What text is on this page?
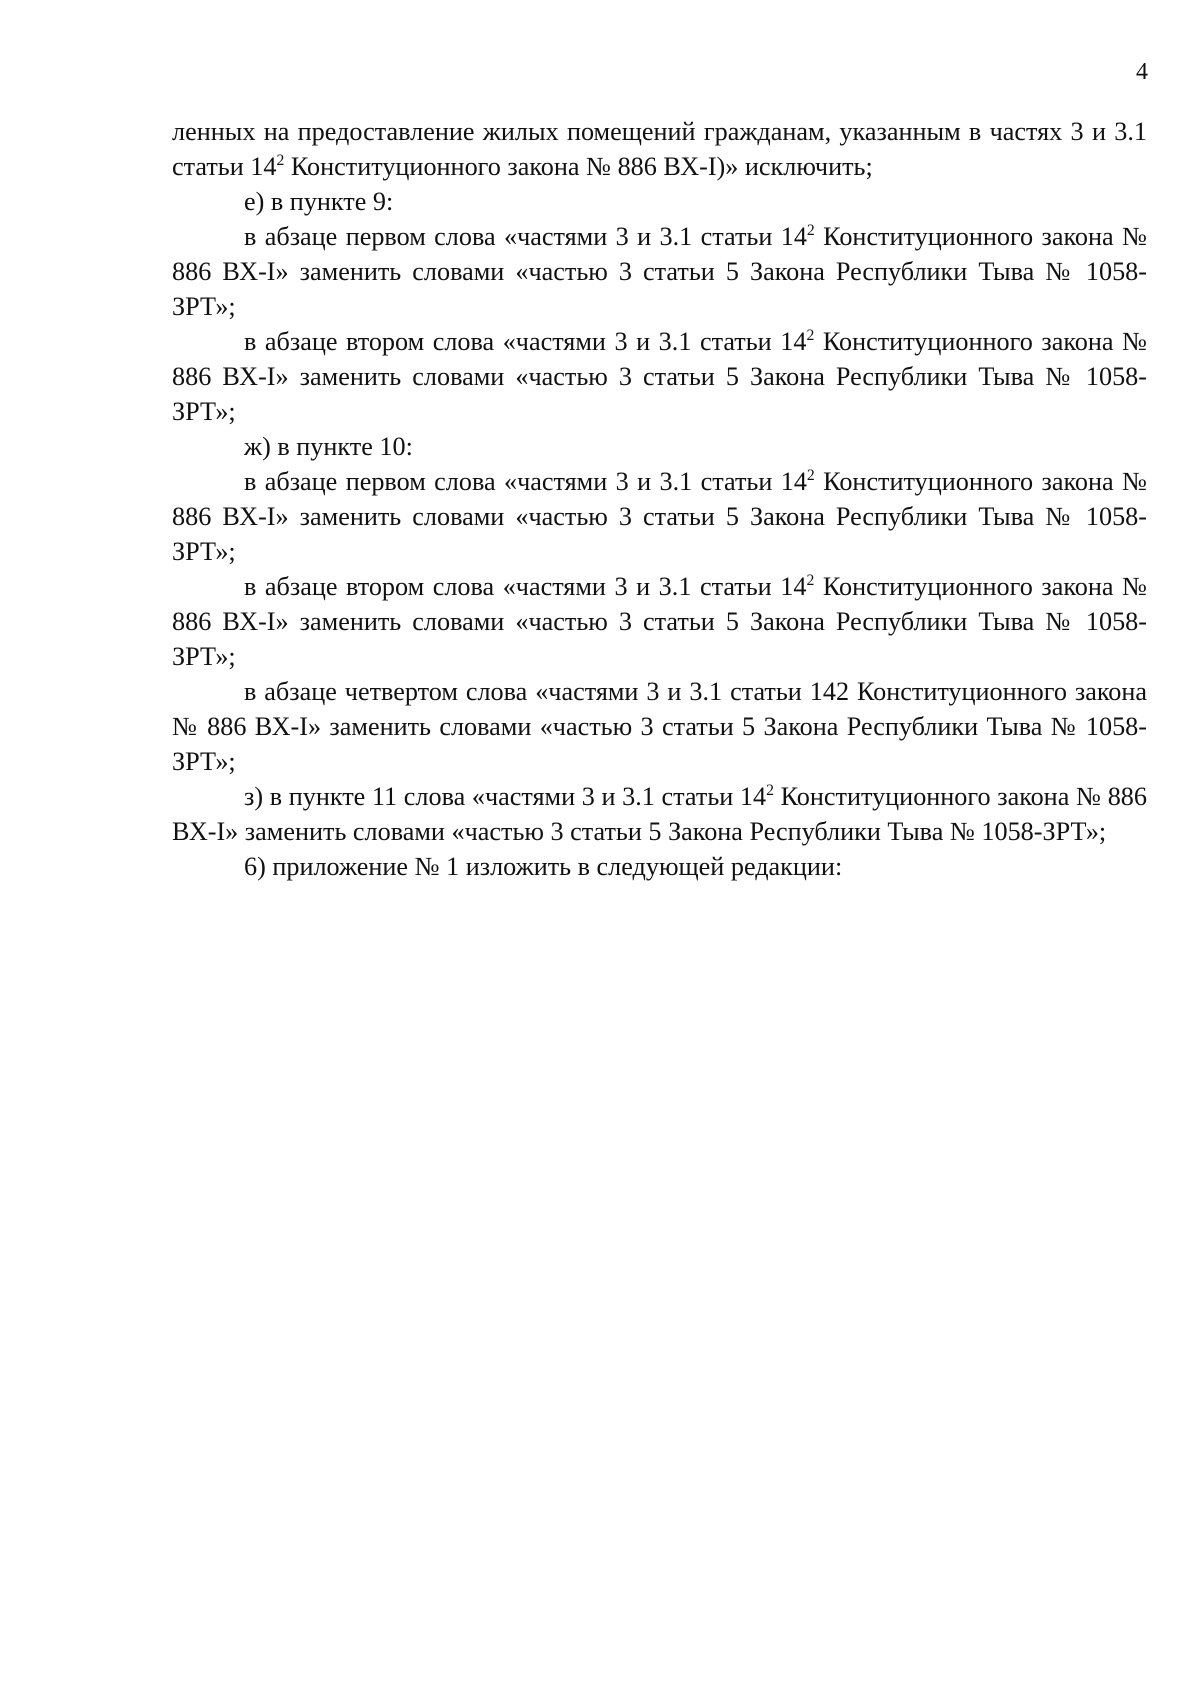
4

ленных на предоставление жилых помещений гражданам, указанным в частях 3 и 3.1 статьи $14^2$ Конституционного закона № 886 ВХ-I)» исключить;

е) в пункте 9:

в абзаце первом слова «частями 3 и 3.1 статьи $14^2$ Конституционного закона № 886 ВХ-I» заменить словами «частью 3 статьи 5 Закона Республики Тыва № 1058-ЗРТ»;

в абзаце втором слова «частями 3 и 3.1 статьи $14^2$ Конституционного закона № 886 ВХ-I» заменить словами «частью 3 статьи 5 Закона Республики Тыва № 1058-ЗРТ»;

ж) в пункте 10:

в абзаце первом слова «частями 3 и 3.1 статьи $14^2$ Конституционного закона № 886 ВХ-I» заменить словами «частью 3 статьи 5 Закона Республики Тыва № 1058-ЗРТ»;

в абзаце втором слова «частями 3 и 3.1 статьи $14^2$ Конституционного закона № 886 ВХ-I» заменить словами «частью 3 статьи 5 Закона Республики Тыва № 1058-ЗРТ»;

в абзаце четвертом слова «частями 3 и 3.1 статьи 142 Конституционного закона № 886 ВХ-I» заменить словами «частью 3 статьи 5 Закона Республики Тыва № 1058-ЗРТ»;

з) в пункте 11 слова «частями 3 и 3.1 статьи $14^2$ Конституционного закона № 886 ВХ-I» заменить словами «частью 3 статьи 5 Закона Республики Тыва № 1058-ЗРТ»;

6) приложение № 1 изложить в следующей редакции:
